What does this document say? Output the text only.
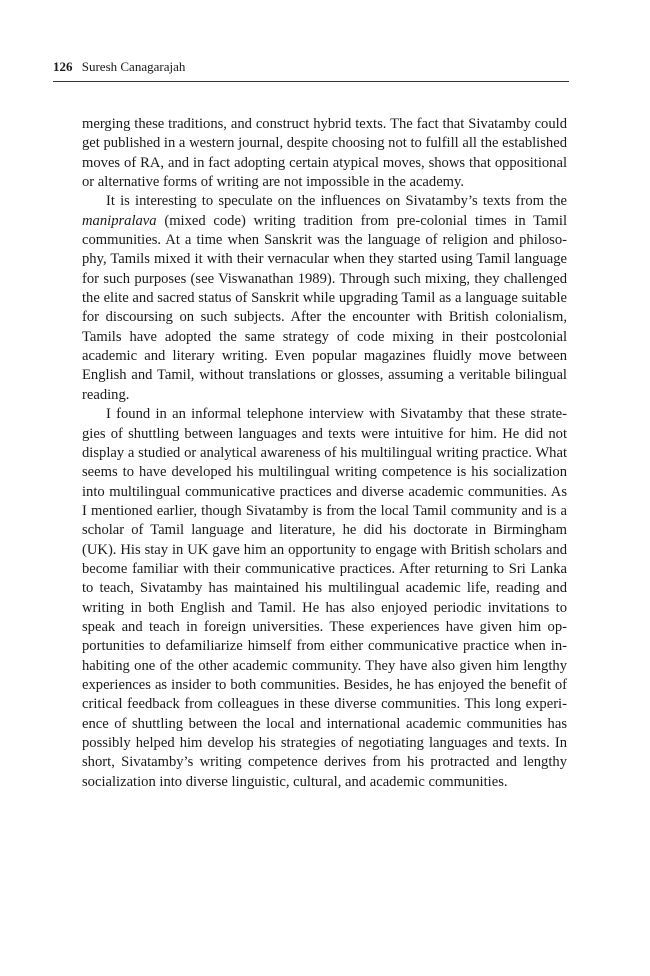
126 Suresh Canagarajah

merging these traditions, and construct hybrid texts. The fact that Sivatamby could get published in a western journal, despite choosing not to fulfill all the established moves of RA, and in fact adopting certain atypical moves, shows that oppositional or alternative forms of writing are not impossible in the academy.

It is interesting to speculate on the influences on Sivatamby’s texts from the manipralava (mixed code) writing tradition from pre-colonial times in Tamil communities. At a time when Sanskrit was the language of religion and philosophy, Tamils mixed it with their vernacular when they started using Tamil language for such purposes (see Viswanathan 1989). Through such mixing, they challenged the elite and sacred status of Sanskrit while upgrading Tamil as a language suitable for discoursing on such subjects. After the encounter with British colonialism, Tamils have adopted the same strategy of code mixing in their postcolonial academic and literary writing. Even popular magazines fluidly move between English and Tamil, without translations or glosses, assuming a veritable bilingual reading.

I found in an informal telephone interview with Sivatamby that these strategies of shuttling between languages and texts were intuitive for him. He did not display a studied or analytical awareness of his multilingual writing practice. What seems to have developed his multilingual writing competence is his socialization into multilingual communicative practices and diverse academic communities. As I mentioned earlier, though Sivatamby is from the local Tamil community and is a scholar of Tamil language and literature, he did his doctorate in Birmingham (UK). His stay in UK gave him an opportunity to engage with British scholars and become familiar with their communicative practices. After returning to Sri Lanka to teach, Sivatamby has maintained his multilingual academic life, reading and writing in both English and Tamil. He has also enjoyed periodic invitations to speak and teach in foreign universities. These experiences have given him opportunities to defamiliarize himself from either communicative practice when inhabiting one of the other academic community. They have also given him lengthy experiences as insider to both communities. Besides, he has enjoyed the benefit of critical feedback from colleagues in these diverse communities. This long experience of shuttling between the local and international academic communities has possibly helped him develop his strategies of negotiating languages and texts. In short, Sivatamby’s writing competence derives from his protracted and lengthy socialization into diverse linguistic, cultural, and academic communities.
